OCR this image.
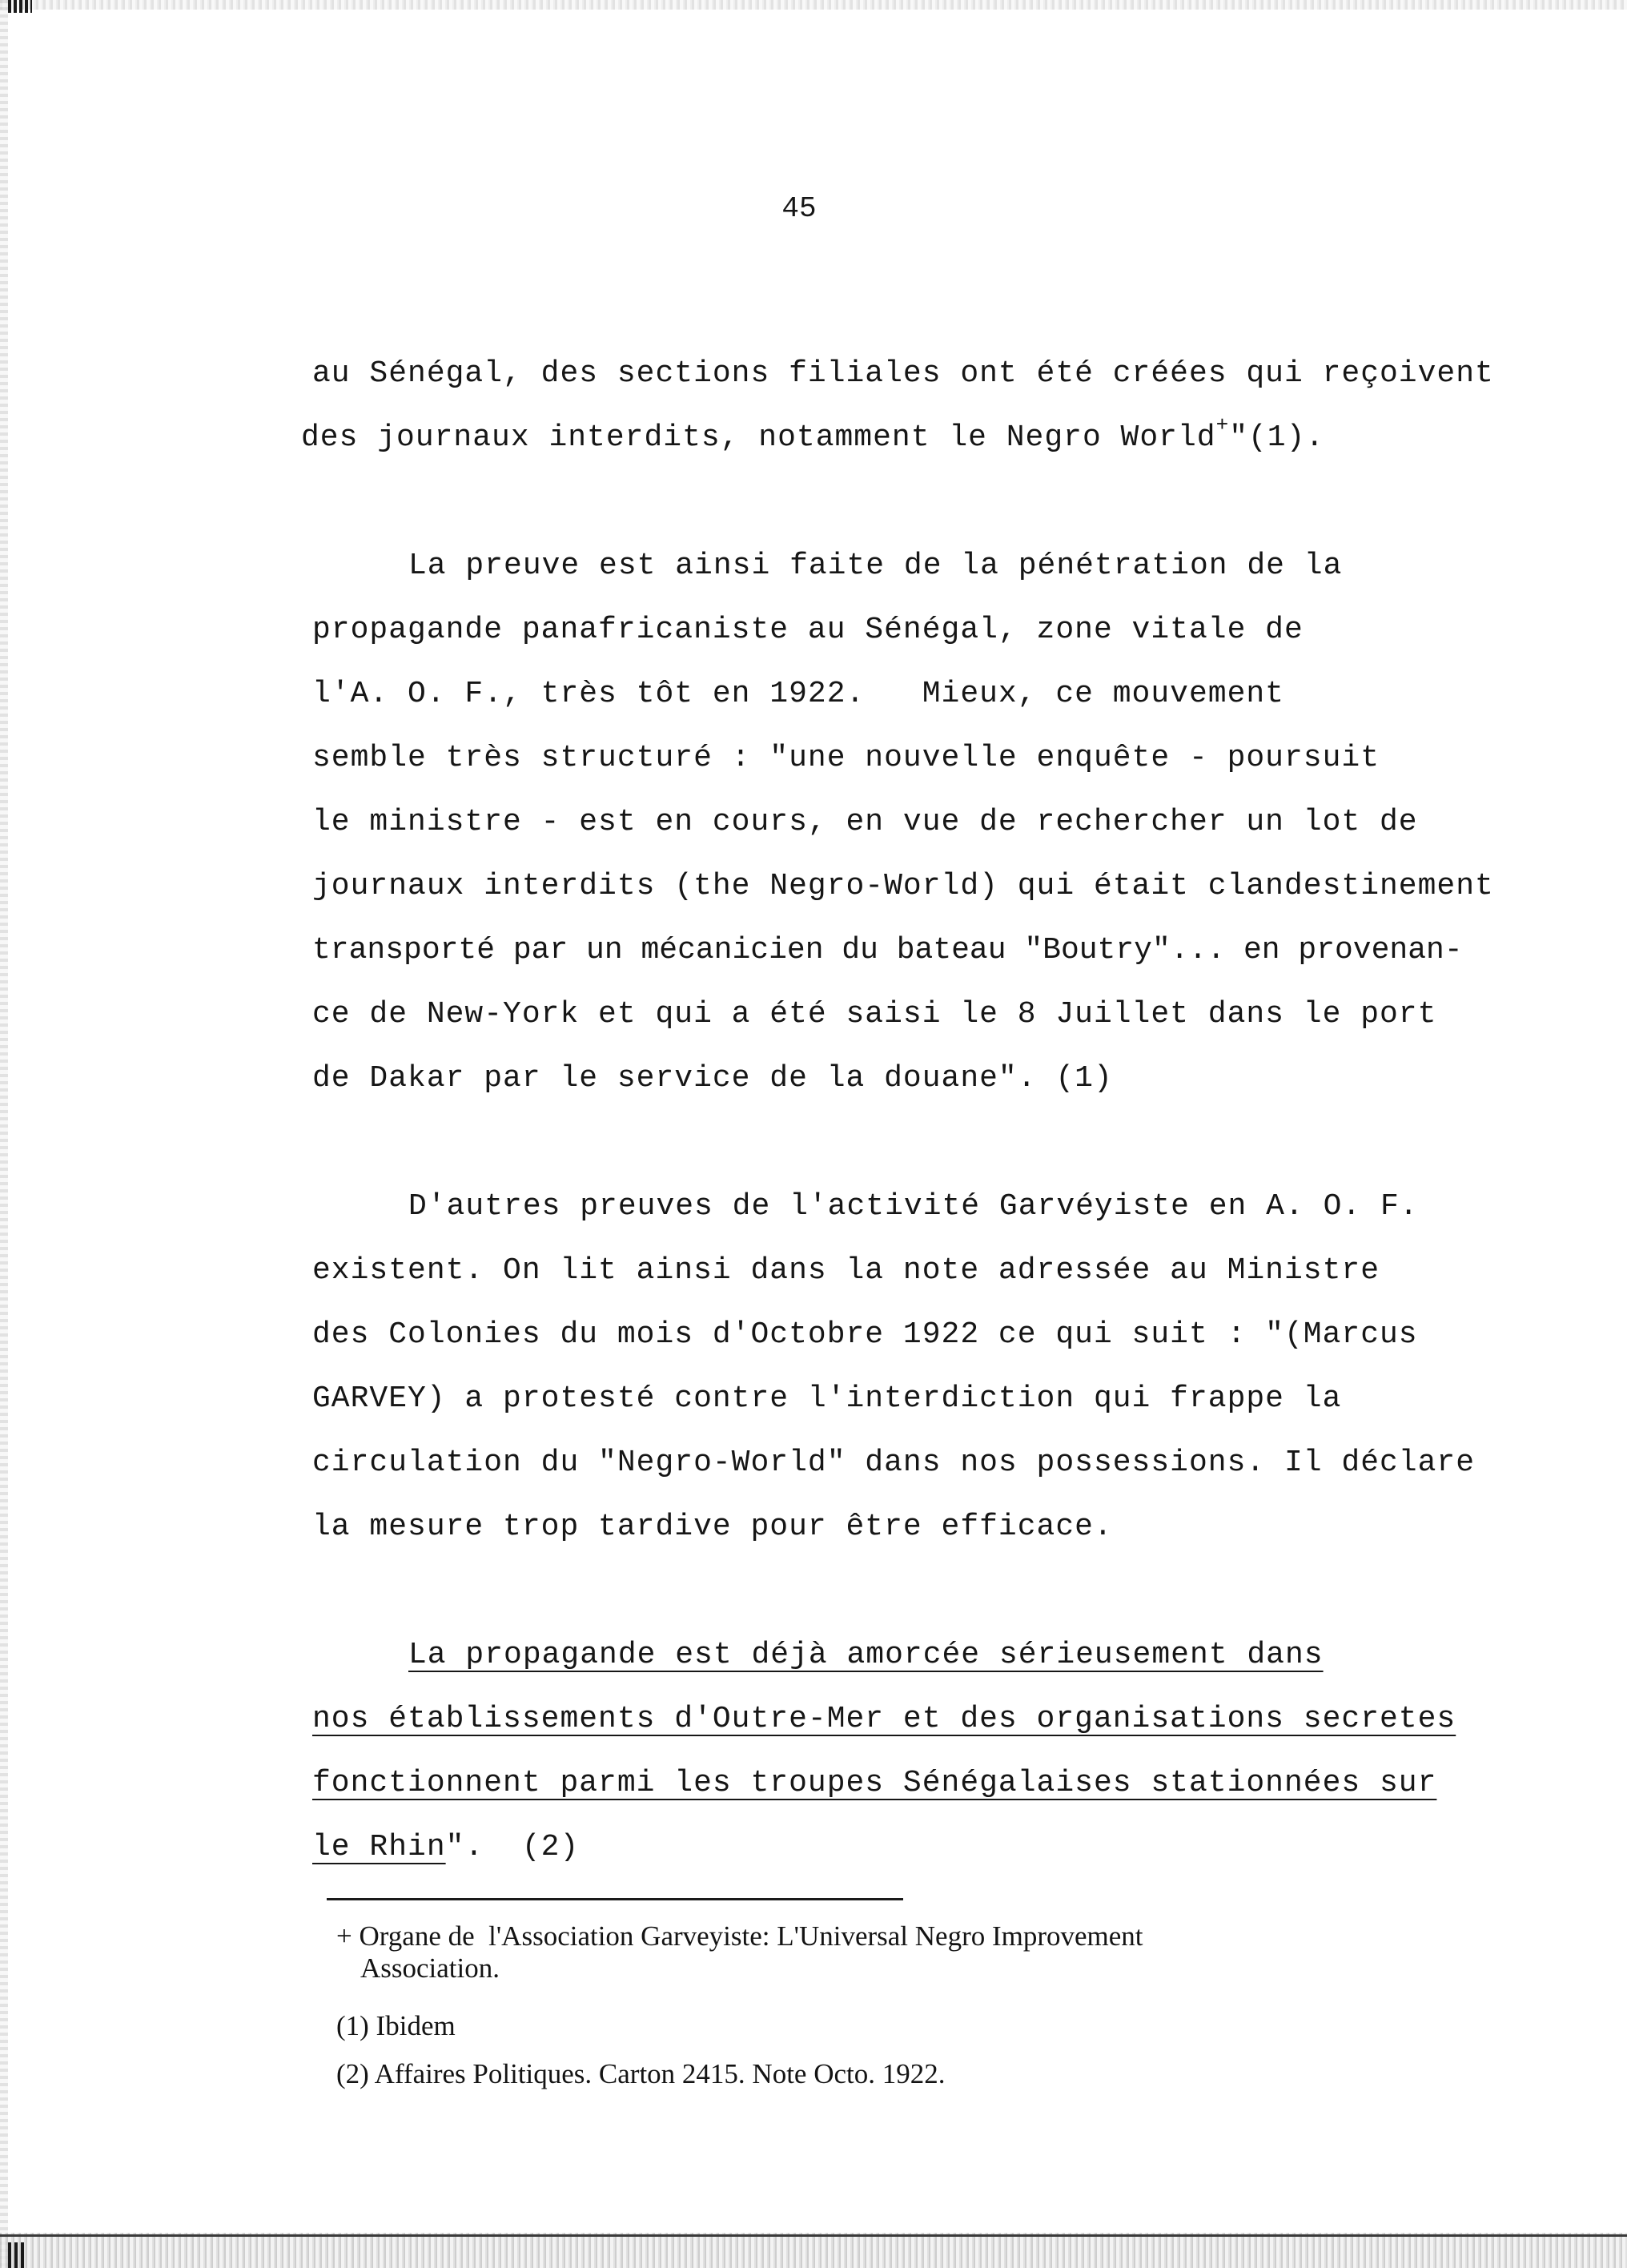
45
au Sénégal, des sections filiales ont été créées qui reçoivent
des journaux interdits, notamment le Negro World+"(1).
La preuve est ainsi faite de la pénétration de la
propagande panafricaniste au Sénégal, zone vitale de
l'A. O. F., très tôt en 1922.   Mieux, ce mouvement
semble très structuré : "une nouvelle enquête - poursuit
le ministre - est en cours, en vue de rechercher un lot de
journaux interdits (the Negro-World) qui était clandestinement
transporté par un mécanicien du bateau "Boutry"... en provenan-
ce de New-York et qui a été saisi le 8 Juillet dans le port
de Dakar par le service de la douane". (1)
D'autres preuves de l'activité Garvéyiste en A. O. F.
existent. On lit ainsi dans la note adressée au Ministre
des Colonies du mois d'Octobre 1922 ce qui suit : "(Marcus
GARVEY) a protesté contre l'interdiction qui frappe la
circulation du "Negro-World" dans nos possessions. Il déclare
la mesure trop tardive pour être efficace.
La propagande est déjà amorcée sérieusement dans
nos établissements d'Outre-Mer et des organisations secretes
fonctionnent parmi les troupes Sénégalaises stationnées sur
le Rhin".  (2)
+ Organe de  l'Association Garveyiste: L'Universal Negro Improvement
Association.
(1) Ibidem
(2) Affaires Politiques. Carton 2415. Note Octo. 1922.
